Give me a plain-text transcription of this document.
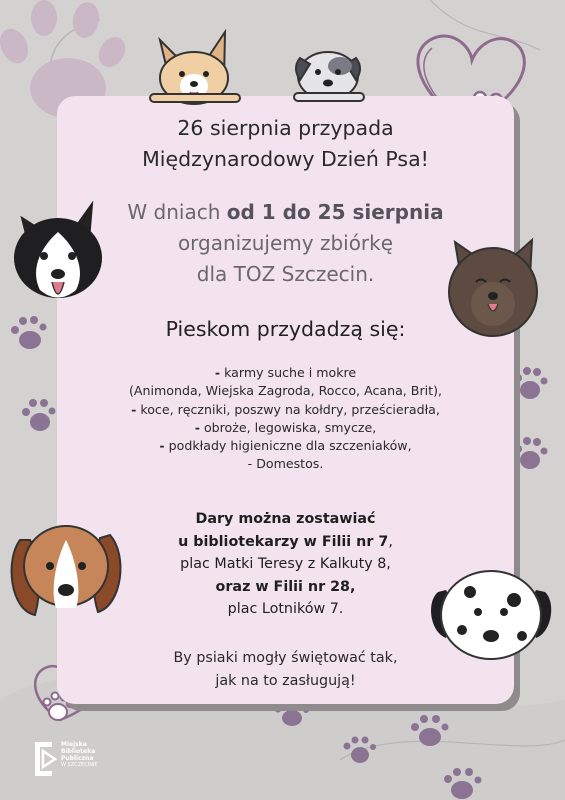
26 sierpnia przypada
Międzynarodowy Dzień Psa!
W dniach od 1 do 25 sierpnia
organizujemy zbiórkę
dla TOZ Szczecin.
Pieskom przydadzą się:
- karmy suche i mokre
(Animonda, Wiejska Zagroda, Rocco, Acana, Brit),
- koce, ręczniki, poszwy na kołdry, prześcieradła,
- obroże, legowiska, smycze,
- podkłady higieniczne dla szczeniaków,
- Domestos.
Dary można zostawiać
u bibliotekarzy w Filii nr 7,
plac Matki Teresy z Kalkuty 8,
oraz w Filii nr 28,
plac Lotników 7.
By psiaki mogły świętować tak,
jak na to zasługują!
Miejska
Biblioteka
Publiczna
W SZCZECINIE
